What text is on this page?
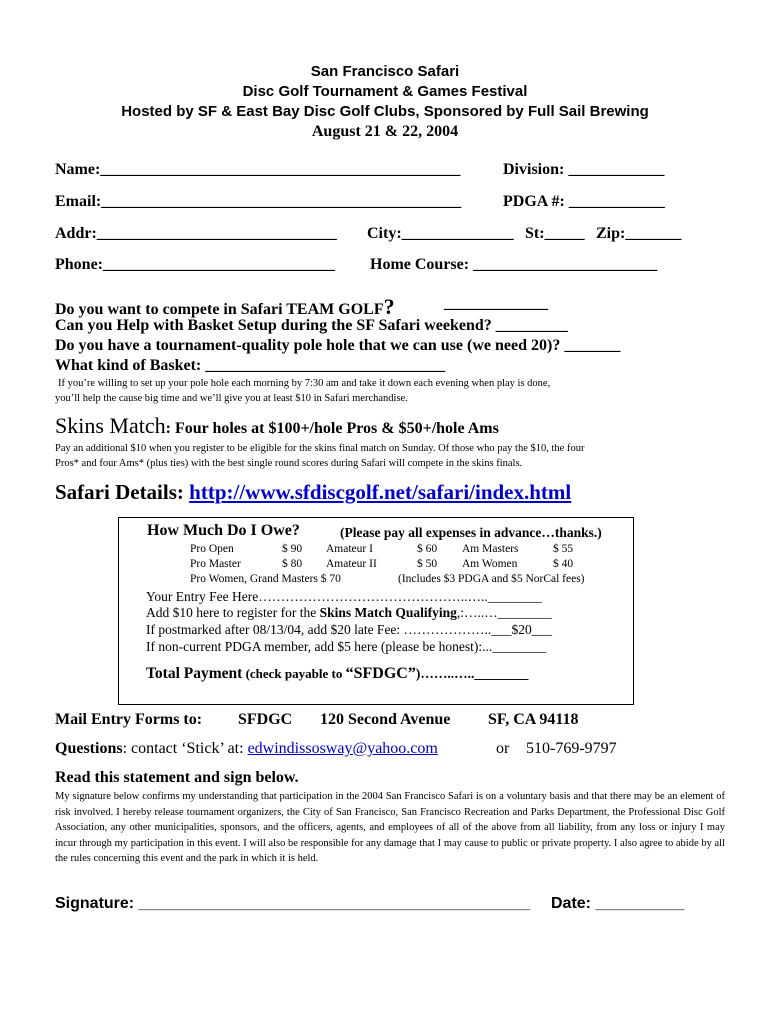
San Francisco Safari
Disc Golf Tournament & Games Festival
Hosted by SF & East Bay Disc Golf Clubs, Sponsored by Full Sail Brewing
August 21 & 22, 2004
Name:_____________________________________________	Division: ____________
Email:_____________________________________________	PDGA #: ____________
Addr:______________________________ City:______________ St:_____ Zip:_______
Phone:_____________________________ Home Course: _______________________
Do you want to compete in Safari TEAM GOLF?	_____________
Can you Help with Basket Setup during the SF Safari weekend? _________
Do you have a tournament-quality pole hole that we can use (we need 20)? _______
What kind of Basket: ______________________________
If you’re willing to set up your pole hole each morning by 7:30 am and take it down each evening when play is done,
you’ll help the cause big time and we’ll give you at least $10 in Safari merchandise.
Skins Match: Four holes at $100+/hole Pros & $50+/hole Ams
Pay an additional $10 when you register to be eligible for the skins final match on Sunday. Of those who pay the $10, the four
Pros* and four Ams* (plus ties) with the best single round scores during Safari will compete in the skins finals.
Safari Details: http://www.sfdiscgolf.net/safari/index.html
How Much Do I Owe?	(Please pay all expenses in advance…thanks.)
Pro Open	$ 90 Amateur I	$ 60 Am Masters	$ 55
Pro Master	$ 80 Amateur II	$ 50 Am Women	$ 40
Pro Women, Grand Masters $ 70	(Includes $3 PDGA and $5 NorCal fees)
Your Entry Fee Here………………………………………..…..________
Add $10 here to register for the Skins Match Qualifying,:…..…________
If postmarked after 08/13/04, add $20 late Fee: ………………..___$20___
If non-current PDGA member, add $5 here (please be honest):...________
Total Payment (check payable to “SFDGC”)……..…..________
Mail Entry Forms to: SFDGC 120 Second Avenue SF, CA 94118
Questions: contact ‘Stick’ at: edwindissosway@yahoo.com	or 510-769-9797
Read this statement and sign below.
My signature below confirms my understanding that participation in the 2004 San Francisco Safari is on a voluntary basis and that there may be an element of risk involved. I hereby release tournament organizers, the City of San Francisco, San Francisco Recreation and Parks Department, the Professional Disc Golf Association, any other municipalities, sponsors, and the officers, agents, and employees of all of the above from all liability, from any loss or injury I may incur through my participation in this event. I will also be responsible for any damage that I may cause to public or private property. I also agree to abide by all the rules concerning this event and the park in which it is held.
Signature: ____________________________________________ Date: __________
